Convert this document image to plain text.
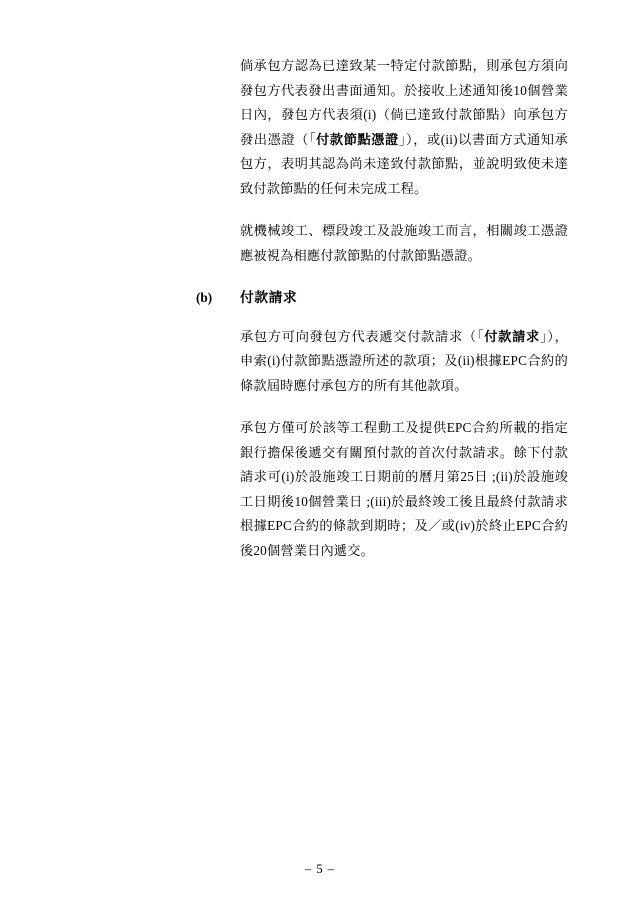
倘承包方認為已達致某一特定付款節點，則承包方須向發包方代表發出書面通知。於接收上述通知後10個營業日內，發包方代表須(i)（倘已達致付款節點）向承包方發出憑證（「付款節點憑證」），或(ii)以書面方式通知承包方，表明其認為尚未達致付款節點，並說明致使未達致付款節點的任何未完成工程。

就機械竣工、標段竣工及設施竣工而言，相關竣工憑證應被視為相應付款節點的付款節點憑證。

(b) 付款請求

承包方可向發包方代表遞交付款請求（「付款請求」），申索(i)付款節點憑證所述的款項；及(ii)根據EPC合約的條款屆時應付承包方的所有其他款項。

承包方僅可於該等工程動工及提供EPC合約所載的指定銀行擔保後遞交有關預付款的首次付款請求。餘下付款請求可(i)於設施竣工日期前的曆月第25日 ;(ii)於設施竣工日期後10個營業日 ;(iii)於最終竣工後且最終付款請求根據EPC合約的條款到期時；及／或(iv)於終止EPC合約後20個營業日內遞交。

– 5 –
